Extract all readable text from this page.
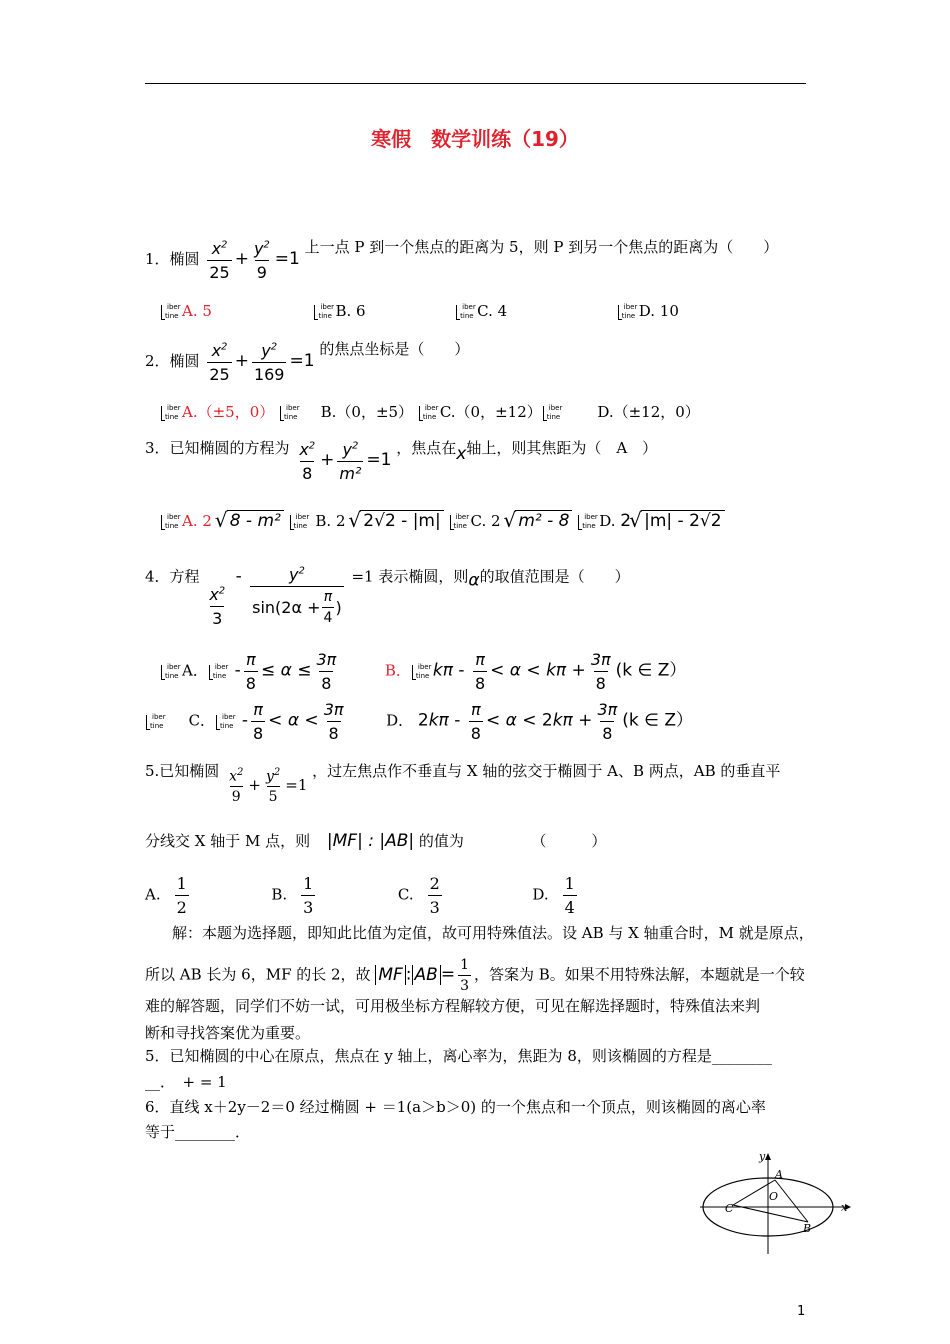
寒假　数学训练（19）
1．椭圆 $\frac{x^2}{25} + \frac{y^2}{9} =1$ 上一点 P 到一个焦点的距离为 5，则 P 到另一个焦点的距离为（　　）
iber
tine A. 5	iber
tine B. 6	iber
tine C. 4	iber
tine D. 10
2．椭圆 $\frac{x^2}{25} + \frac{y^2}{169} =1$ 的焦点坐标是（　　）
iber
tine A.（±5，0） iber
tine B.（0，±5） iber
tine C.（0，±12） iber
tine D.（±12，0）
3．已知椭圆的方程为 $\frac{x^2}{8} + \frac{y^2}{\text{m²}} =1$ ，焦点在x轴上，则其焦距为（　A　）
iber
tine A. 2 √ 8 - m² iber
tine B. 2 √ 2√2 - |m| iber
tine C. 2 √ m² - 8 iber
tine D. 2 √ |m| - 2√2
4．方程
$\frac{x^2}{3}$
- $\frac{y^2}{\sin(2\alpha + \frac{\pi}{4} )} =1$ 表示椭圆，则α的取值范围是（　　）
iber
tine A． iber
tine - $\frac{\pi}{8} \le \alpha \le \frac{3\pi}{8}$	B． iber
tine $k\pi - \frac{\pi}{8} < \alpha < k\pi + \frac{3\pi}{8} (k$ ∈ Z）
iber
tine C． iber
tine - $\frac{\pi}{8} < \alpha < \frac{3\pi}{8}$	D． $2k\pi - \frac{\pi}{8} < \alpha < 2k\pi + \frac{3\pi}{8} (k$ ∈ Z）
5.已知椭圆 $\frac{x^2}{9} + \frac{y^2}{5} =1$ ，过左焦点作不垂直与 X 轴的弦交于椭圆于 A、B 两点，AB 的垂直平
分线交 X 轴于 M 点，则 |MF| : |AB| 的值为　　　　　（　　　）
A. $\frac{1}{2}$	B. $\frac{1}{3}$	C. $\frac{2}{3}$	D. $\frac{1}{4}$
解：本题为选择题，即知此比值为定值，故可用特殊值法。设 AB 与 X 轴重合时，M 就是原点，
所以 AB 长为 6，MF 的长 2，故 MF : AB = $\frac{1}{3}$ ，答案为 B。如果不用特殊法解，本题就是一个较
难的解答题，同学们不妨一试，可用极坐标方程解较方便，可见在解选择题时，特殊值法来判
断和寻找答案优为重要。
5．已知椭圆的中心在原点，焦点在 y 轴上，离心率为，焦距为 8，则该椭圆的方程是________
__．　+ = 1
6．直线 x＋2y－2＝0 经过椭圆 + ＝1(a＞b＞0) 的一个焦点和一个顶点，则该椭圆的离心率
等于________．
y
A
O
C
B
x
1
